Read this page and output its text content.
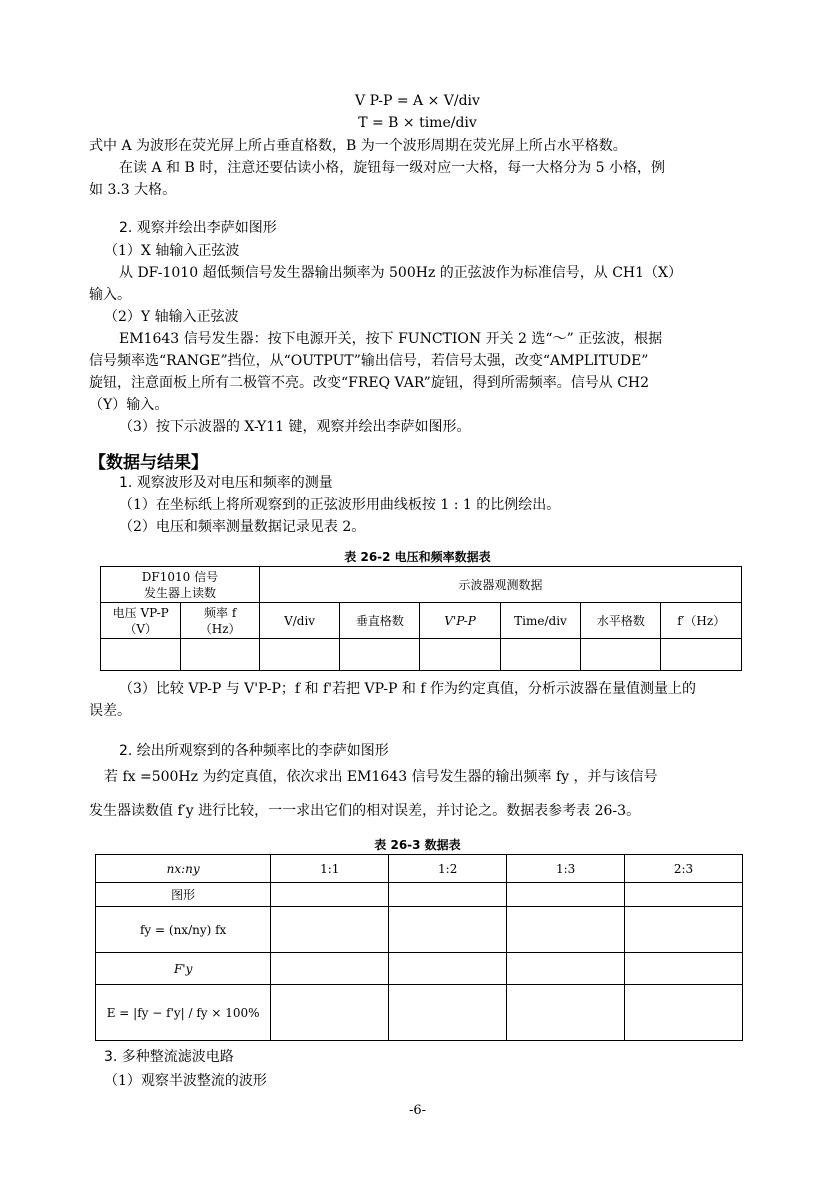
V P-P = A × V/div
T = B × time/div
式中 A 为波形在荧光屏上所占垂直格数，B 为一个波形周期在荧光屏上所占水平格数。
在读 A 和 B 时，注意还要估读小格，旋钮每一级对应一大格，每一大格分为 5 小格，例
如 3.3 大格。
2. 观察并绘出李萨如图形
（1）X 轴输入正弦波
从 DF-1010 超低频信号发生器输出频率为 500Hz 的正弦波作为标准信号，从 CH1（X）
输入。
（2）Y 轴输入正弦波
EM1643 信号发生器：按下电源开关，按下 FUNCTION 开关 2 选“～” 正弦波，根据
信号频率选“RANGE”挡位，从“OUTPUT”输出信号，若信号太强，改变“AMPLITUDE”
旋钮，注意面板上所有二极管不亮。改变“FREQ VAR”旋钮，得到所需频率。信号从 CH2
（Y）输入。
（3）按下示波器的 X-Y11 键，观察并绘出李萨如图形。
【数据与结果】
1. 观察波形及对电压和频率的测量
（1）在坐标纸上将所观察到的正弦波形用曲线板按 1 : 1 的比例绘出。
（2）电压和频率测量数据记录见表 2。
表 26-2 电压和频率数据表
DF1010 信号
发生器上读数		示波器观测数据					
电压 VP-P
（V）	频率 f
（Hz）	V/div	垂直格数	V'P-P	Time/div	水平格数	f′（Hz）

（3）比较 VP-P 与 V'P-P；f 和 f'若把 VP-P 和 f 作为约定真值，分析示波器在量值测量上的
误差。
2. 绘出所观察到的各种频率比的李萨如图形
若 fx =500Hz 为约定真值，依次求出 EM1643 信号发生器的输出频率 fy ，并与该信号
发生器读数值 f′y 进行比较，一一求出它们的相对误差，并讨论之。数据表参考表 26-3。
表 26-3 数据表
nx:ny	1:1	1:2	1:3	2:3
图形				
fy = (nx/ny) fx				
F'y				
E = |fy − f'y| / fy × 100%				
3. 多种整流滤波电路
（1）观察半波整流的波形
-6-
